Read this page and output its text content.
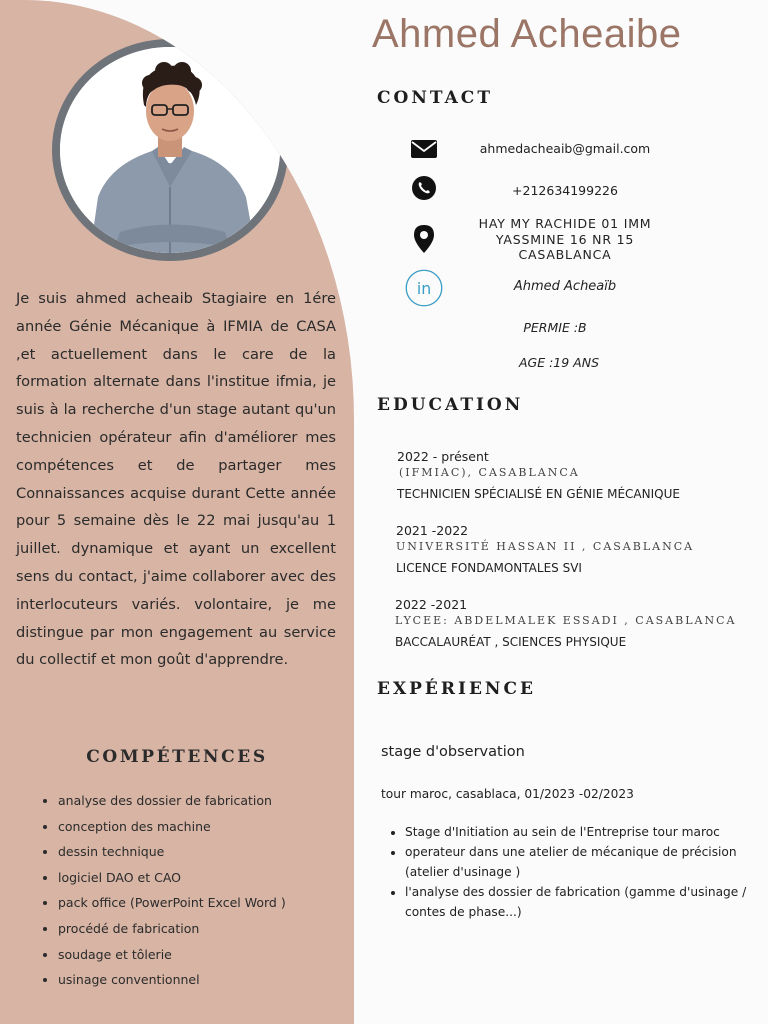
Je suis ahmed acheaib Stagiaire en 1ére année Génie Mécanique à IFMIA de CASA ,et actuellement dans le care de la formation alternate dans l'institue ifmia, je suis à la recherche d'un stage autant qu'un technicien opérateur afin d'améliorer mes compétences et de partager mes Connaissances acquise durant Cette année pour 5 semaine dès le 22 mai jusqu'au 1 juillet. dynamique et ayant un excellent sens du contact, j'aime collaborer avec des interlocuteurs variés. volontaire, je me distingue par mon engagement au service du collectif et mon goût d'apprendre.

COMPÉTENCES
• analyse des dossier de fabrication
• conception des machine
• dessin technique
• logiciel DAO et CAO
• pack office (PowerPoint Excel Word )
• procédé de fabrication
• soudage et tôlerie
• usinage conventionnel
Ahmed Acheaibe
CONTACT
ahmedacheaib@gmail.com
+212634199226
HAY MY RACHIDE 01 IMM
YASSMINE 16 NR 15
CASABLANCA
in	Ahmed Acheaïb
PERMIE :B
AGE :19 ANS
EDUCATION
2022 - présent
(IFMIAC), CASABLANCA
TECHNICIEN SPÉCIALISÉ EN GÉNIE MÉCANIQUE
2021 -2022
UNIVERSITÉ HASSAN II , CASABLANCA
LICENCE FONDAMONTALES SVI
2022 -2021
LYCEE: ABDELMALEK ESSADI , CASABLANCA
BACCALAURÉAT , SCIENCES PHYSIQUE
EXPÉRIENCE
stage d'observation
tour maroc, casablaca, 01/2023 -02/2023
• Stage d'Initiation au sein de l'Entreprise tour maroc
• operateur dans une atelier de mécanique de précision (atelier d'usinage )
• l'analyse des dossier de fabrication (gamme d'usinage / contes de phase...)
